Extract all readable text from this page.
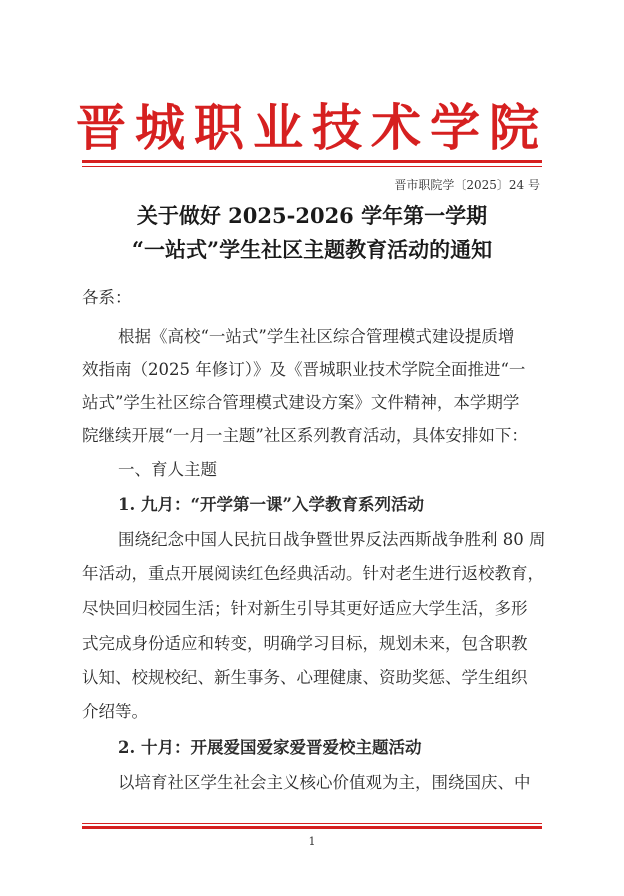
晋城职业技术学院
晋市职院学〔2025〕24 号
关于做好 2025-2026 学年第一学期
“一站式”学生社区主题教育活动的通知
各系：
根据《高校“一站式”学生社区综合管理模式建设提质增
效指南（2025 年修订）》及《晋城职业技术学院全面推进“一
站式”学生社区综合管理模式建设方案》文件精神，本学期学
院继续开展“一月一主题”社区系列教育活动，具体安排如下：
一、育人主题
1. 九月：“开学第一课”入学教育系列活动
围绕纪念中国人民抗日战争暨世界反法西斯战争胜利 80 周
年活动，重点开展阅读红色经典活动。针对老生进行返校教育，
尽快回归校园生活；针对新生引导其更好适应大学生活，多形
式完成身份适应和转变，明确学习目标，规划未来，包含职教
认知、校规校纪、新生事务、心理健康、资助奖惩、学生组织
介绍等。
2. 十月：开展爱国爱家爱晋爱校主题活动
以培育社区学生社会主义核心价值观为主，围绕国庆、中
1
